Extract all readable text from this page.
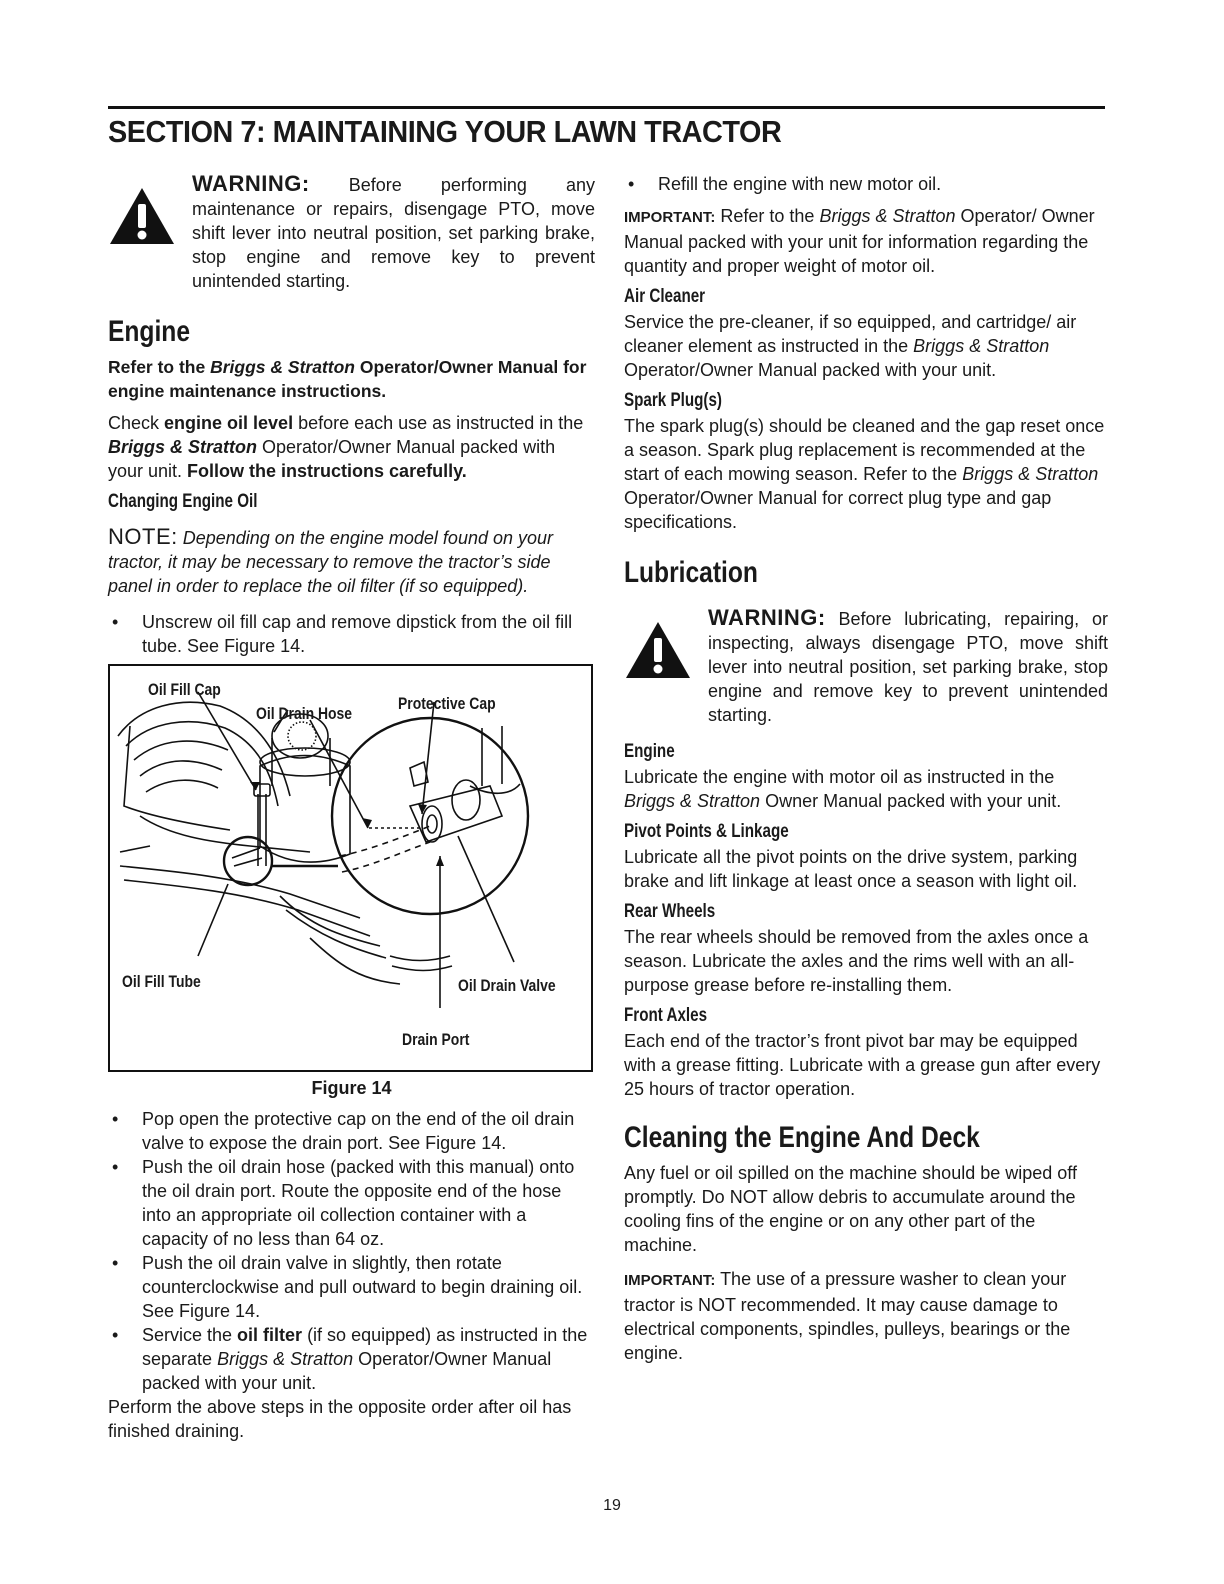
SECTION 7: MAINTAINING YOUR LAWN TRACTOR
WARNING: Before performing any maintenance or repairs, disengage PTO, move shift lever into neutral position, set parking brake, stop engine and remove key to prevent unintended starting.
Engine

Refer to the Briggs & Stratton Operator/Owner Manual for engine maintenance instructions.

Check engine oil level before each use as instructed in the Briggs & Stratton Operator/Owner Manual packed with your unit. Follow the instructions carefully.

Changing Engine Oil

NOTE: Depending on the engine model found on your tractor, it may be necessary to remove the tractor’s side panel in order to replace the oil filter (if so equipped).

• Unscrew oil fill cap and remove dipstick from the oil fill tube. See Figure 14.
Oil Fill Cap
Oil Drain Hose
Protective Cap
Oil Fill Tube	Oil Drain Valve
Drain Port
Figure 14
• Pop open the protective cap on the end of the oil drain valve to expose the drain port. See Figure 14.
• Push the oil drain hose (packed with this manual) onto the oil drain port. Route the opposite end of the hose into an appropriate oil collection container with a capacity of no less than 64 oz.
• Push the oil drain valve in slightly, then rotate counterclockwise and pull outward to begin draining oil. See Figure 14.
• Service the oil filter (if so equipped) as instructed in the separate Briggs & Stratton Operator/Owner Manual packed with your unit.

Perform the above steps in the opposite order after oil has finished draining.

• Refill the engine with new motor oil.

IMPORTANT: Refer to the Briggs & Stratton Operator/ Owner Manual packed with your unit for information regarding the quantity and proper weight of motor oil.

Air Cleaner

Service the pre-cleaner, if so equipped, and cartridge/ air cleaner element as instructed in the Briggs & Stratton Operator/Owner Manual packed with your unit.

Spark Plug(s)

The spark plug(s) should be cleaned and the gap reset once a season. Spark plug replacement is recommended at the start of each mowing season. Refer to the Briggs & Stratton Operator/Owner Manual for correct plug type and gap specifications.

Lubrication
WARNING: Before lubricating, repairing, or inspecting, always disengage PTO, move shift lever into neutral position, set parking brake, stop engine and remove key to prevent unintended starting.
Engine

Lubricate the engine with motor oil as instructed in the Briggs & Stratton Owner Manual packed with your unit.

Pivot Points & Linkage

Lubricate all the pivot points on the drive system, parking brake and lift linkage at least once a season with light oil.

Rear Wheels

The rear wheels should be removed from the axles once a season. Lubricate the axles and the rims well with an all-purpose grease before re-installing them.

Front Axles

Each end of the tractor’s front pivot bar may be equipped with a grease fitting. Lubricate with a grease gun after every 25 hours of tractor operation.

Cleaning the Engine And Deck

Any fuel or oil spilled on the machine should be wiped off promptly. Do NOT allow debris to accumulate around the cooling fins of the engine or on any other part of the machine.

IMPORTANT: The use of a pressure washer to clean your tractor is NOT recommended. It may cause damage to electrical components, spindles, pulleys, bearings or the engine.

19
